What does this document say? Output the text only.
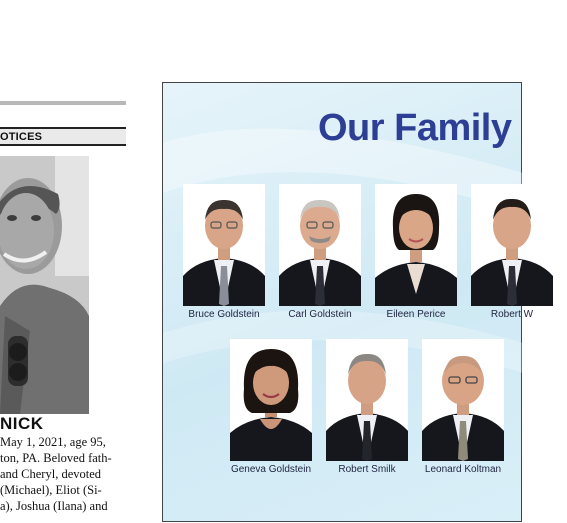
OTICES
NICK
May 1, 2021, age 95,
ton, PA. Beloved fath-
and Cheryl, devoted
(Michael), Eliot (Si-
a), Joshua (Ilana) and
Our Family
Bruce Goldstein	Carl Goldstein	Eileen Perice	Robert W
Geneva Goldstein	Robert Smilk	Leonard Koltman
